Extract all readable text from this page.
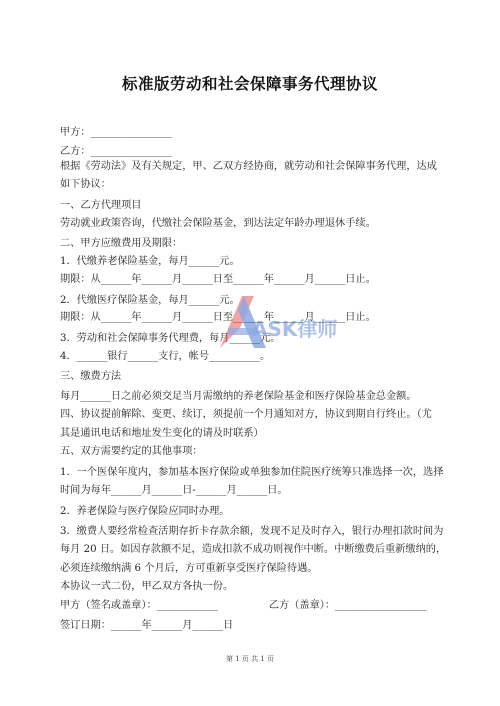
标准版劳动和社会保障事务代理协议
甲方：________________
乙方：________________
根据《劳动法》及有关规定，甲、乙双方经协商，就劳动和社会保障事务代理，达成
如下协议：
一、乙方代理项目
劳动就业政策咨询，代缴社会保险基金，到达法定年龄办理退休手续。
二、甲方应缴费用及期限：
1．代缴养老保险基金，每月______元。
期限：从______年______月______日至______年______月______日止。
2．代缴医疗保险基金，每月______元。
期限：从______年______月______日至______年______月______日止。
3．劳动和社会保障事务代理费，每月______元。
4．______银行______支行，帐号__________。
三、缴费方法
每月______日之前必须交足当月需缴纳的养老保险基金和医疗保险基金总金额。
四、协议提前解除、变更、续订，须提前一个月通知对方，协议到期自行终止。（尤
其是通讯电话和地址发生变化的请及时联系）
五、双方需要约定的其他事项：
1．一个医保年度内，参加基本医疗保险或单独参加住院医疗统筹只准选择一次，选择
时间为每年______月______日-______月______日。
2．养老保险与医疗保险应同时办理。
3．缴费人要经常检查活期存折卡存款余额，发现不足及时存入，银行办理扣款时间为
每月 20 日。如因存款额不足，造成扣款不成功则视作中断。中断缴费后重新缴纳的，
必须连续缴纳满 6 个月后，方可重新享受医疗保险待遇。
本协议一式二份，甲乙双方各执一份。
甲方（签名或盖章）：____________　　　　　乙方（盖章）：__________________
签订日期：______年______月______日
ASK律师
第 1 页 共 1 页
